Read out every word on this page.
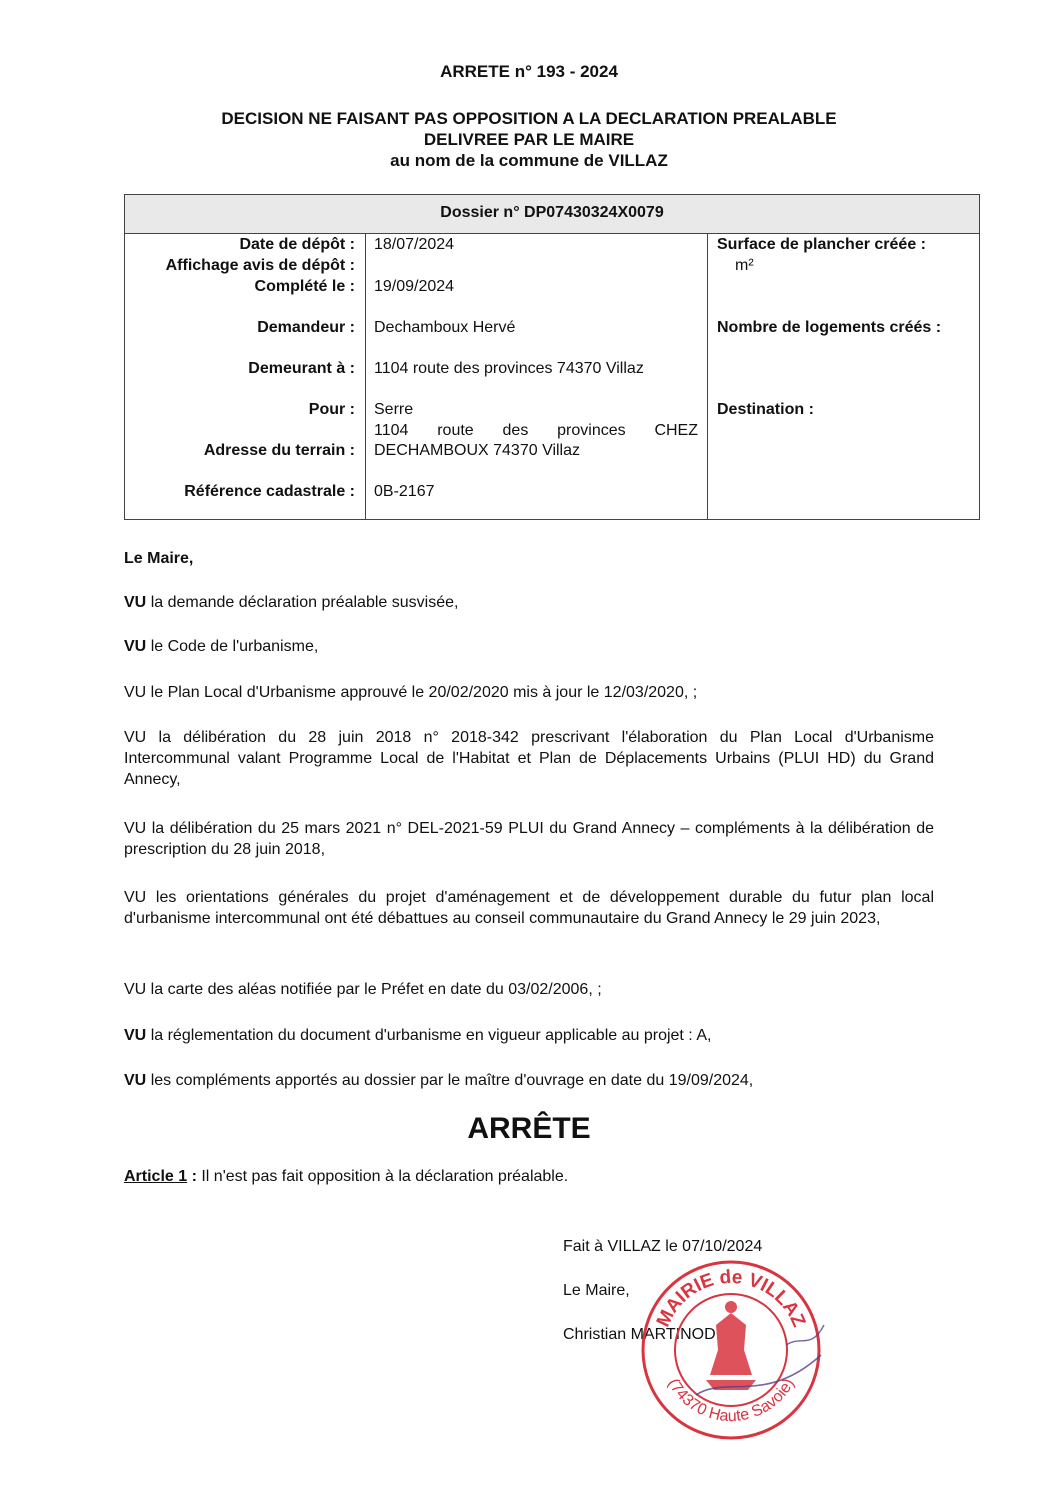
ARRETE n° 193 - 2024
DECISION NE FAISANT PAS OPPOSITION A LA DECLARATION PREALABLE
DELIVREE PAR LE MAIRE
au nom de la commune de VILLAZ
Dossier n° DP07430324X0079
Date de dépôt :
Affichage avis de dépôt :
Complété le :
Demandeur :
Demeurant à :
Pour :
Adresse du terrain :
Référence cadastrale :
18/07/2024
19/09/2024
Dechamboux Hervé
1104 route des provinces 74370 Villaz
Serre
1104 route des provinces CHEZ
DECHAMBOUX 74370 Villaz
0B-2167
Surface de plancher créée :
m²
Nombre de logements créés :
Destination :
Le Maire,
VU la demande déclaration préalable susvisée,
VU le Code de l'urbanisme,
VU le Plan Local d'Urbanisme approuvé le 20/02/2020 mis à jour le 12/03/2020, ;
VU la délibération du 28 juin 2018 n° 2018-342 prescrivant l'élaboration du Plan Local d'Urbanisme Intercommunal valant Programme Local de l'Habitat et Plan de Déplacements Urbains (PLUI HD) du Grand Annecy,
VU la délibération du 25 mars 2021 n° DEL-2021-59 PLUI du Grand Annecy – compléments à la délibération de prescription du 28 juin 2018,
VU les orientations générales du projet d'aménagement et de développement durable du futur plan local d'urbanisme intercommunal ont été débattues au conseil communautaire du Grand Annecy le 29 juin 2023,
VU la carte des aléas notifiée par le Préfet en date du 03/02/2006, ;
VU la réglementation du document d'urbanisme en vigueur applicable au projet : A,
VU les compléments apportés au dossier par le maître d'ouvrage en date du 19/09/2024,
ARRÊTE
Article 1 : Il n'est pas fait opposition à la déclaration préalable.
Fait à VILLAZ le 07/10/2024
Le Maire,
Christian MARTINOD
MAIRIE de VILLAZ
(74370 Haute Savoie)
